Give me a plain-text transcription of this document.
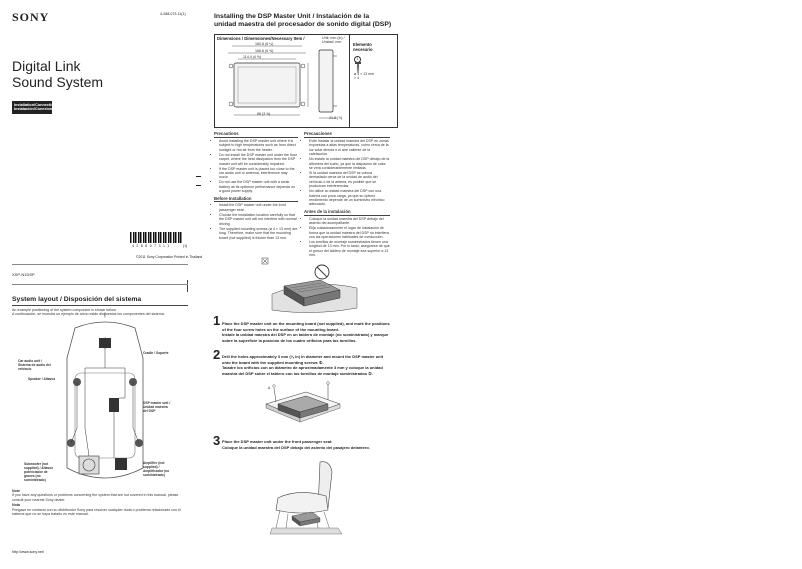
SONY	4-288-073-11(1)
Digital Link
Sound System
Installation/Connections
Instalación/Conexiones
4 2 8 8 0 7 3 1 1	(1)
©2011 Sony Corporation Printed in Thailand
XSP-N1DSP
System layout / Disposición del sistema
An example positioning of the system component is shown below.
A continuación, se muestra un ejemplo de cómo están dispuestos los componentes del sistema.
Car audio unit / Sistema de audio del vehículo
Speaker / Altavoz
Cradle / Soporte
DSP master unit / Unidad maestra del DSP
Subwoofer (not supplied) / Altavoz potenciador de graves (no suministrado)
Amplifier (not supplied) / Amplificador (no suministrado)
Note
If you have any questions or problems concerning the system that are not covered in this manual, please consult your nearest Sony dealer.
Nota
Póngase en contacto con su distribuidor Sony para resolver cualquier duda o problema relacionado con el sistema que no se haya tratado en este manual.
http://www.sony.net/
Installing the DSP Master Unit / Instalación de la
unidad maestra del procesador de sonido digital (DSP)
Dimensions / Dimensiones/Necessary Item /	Unit: mm (in) /
Unidad: mm	Elemento
necesario
1
ø 4 × 13 mm
× 4
160.8 (6 ¼)
166.6 (6 ⅝)
114.4 (4 ½)
86 (3 ⅜)
21.8 (⅞)
Precautions
• Avoid installing the DSP master unit where it is subject to high temperatures such as from direct sunlight or hot air from the heater.
• Do not install the DSP master unit under the floor carpet, where the heat dissipation from the DSP master unit will be considerably impaired.
• If the DSP master unit is placed too close to the car audio unit or antenna, interference may occur.
• Do not use the DSP master unit with a weak battery as its optimum performance depends on a good power supply.
Before Installation
• Install the DSP master unit under the front passenger seat.
• Choose the installation location carefully so that the DSP master unit will not interfere with normal driving.
• The supplied mounting screws (ø 4 × 13 mm) are long. Therefore, make sure that the mounting board (not supplied) is thicker than 13 mm.
Precauciones
• Evite instalar la unidad maestra del DSP en zonas expuestas a altas temperaturas, como cerca de la luz solar directa o el aire caliente de la calefacción.
• No instale la unidad maestra del DSP debajo de la alfombra del suelo, ya que la disipación de calor se verá considerablemente limitada.
• Si la unidad maestra del DSP se coloca demasiado cerca de la unidad de audio del vehículo o de la antena, es posible que se produzcan interferencias.
• No utilice la unidad maestra del DSP con una batería con poca carga, ya que su óptimo rendimiento depende de un suministro eléctrico adecuado.
Antes de la instalación
• Coloque la unidad maestra del DSP debajo del asiento del acompañante.
• Elija cuidadosamente el lugar de instalación de forma que la unidad maestra del DSP no interfiera con las operaciones habituales de conducción.
• Los tornillos de montaje suministrados tienen una longitud de 13 mm. Por lo tanto, asegúrese de que el grosor del tablero de montaje sea superior a 13 mm.
1 Place the DSP master unit on the mounting board (not supplied), and mark the positions of the four screw holes on the surface of the mounting board.
Instale la unidad maestra del DSP en un tablero de montaje (no suministrado) y marque sobre la superficie la posición de los cuatro orificios para los tornillos.
2 Drill the holes approximately 3 mm (⅛ in) in diameter and mount the DSP master unit onto the board with the supplied mounting screws ①.
Taladre los orificios con un diámetro de aproximadamente 3 mm y coloque la unidad maestra del DSP sobre el tablero con los tornillos de montaje suministrados ①.
A
3 Place the DSP master unit under the front passenger seat.
Coloque la unidad maestra del DSP debajo del asiento del pasajero delantero.
